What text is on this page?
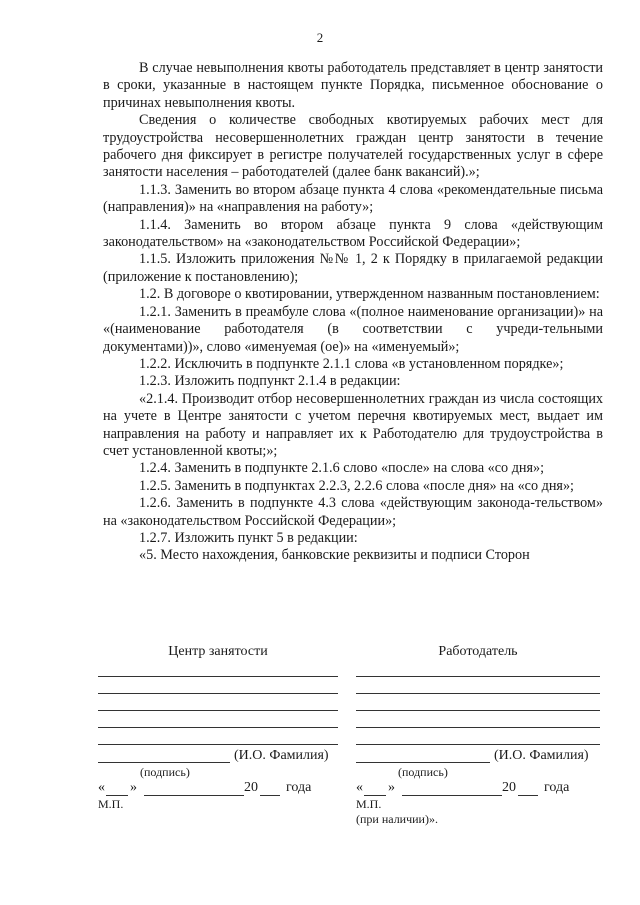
2

В случае невыполнения квоты работодатель представляет в центр занятости в сроки, указанные в настоящем пункте Порядка, письменное обоснование о причинах невыполнения квоты.

Сведения о количестве свободных квотируемых рабочих мест для трудоустройства несовершеннолетних граждан центр занятости в течение рабочего дня фиксирует в регистре получателей государственных услуг в сфере занятости населения – работодателей (далее банк вакансий).»;

1.1.3. Заменить во втором абзаце пункта 4 слова «рекомендательные письма (направления)» на «направления на работу»;

1.1.4. Заменить во втором абзаце пункта 9 слова «действующим законодательством» на «законодательством Российской Федерации»;

1.1.5. Изложить приложения №№ 1, 2 к Порядку в прилагаемой редакции (приложение к постановлению);

1.2. В договоре о квотировании, утвержденном названным постановлением:

1.2.1. Заменить в преамбуле слова «(полное наименование организации)» на «(наименование работодателя (в соответствии с учреди-тельными документами))», слово «именуемая (ое)» на «именуемый»;

1.2.2. Исключить в подпункте 2.1.1 слова «в установленном порядке»;

1.2.3. Изложить подпункт 2.1.4 в редакции:

«2.1.4. Производит отбор несовершеннолетних граждан из числа состоящих на учете в Центре занятости с учетом перечня квотируемых мест, выдает им направления на работу и направляет их к Работодателю для трудоустройства в счет установленной квоты;»;

1.2.4. Заменить в подпункте 2.1.6 слово «после» на слова «со дня»;

1.2.5. Заменить в подпунктах 2.2.3, 2.2.6 слова «после дня» на «со дня»;

1.2.6. Заменить в подпункте 4.3 слова «действующим законода-тельством» на «законодательством Российской Федерации»;

1.2.7. Изложить пункт 5 в редакции:

«5. Место нахождения, банковские реквизиты и подписи Сторон

Центр занятости
(И.О. Фамилия)
(подпись)
« »	20 года
М.П.
Работодатель
(И.О. Фамилия)
(подпись)
« »	20 года
М.П.
(при наличии)».
